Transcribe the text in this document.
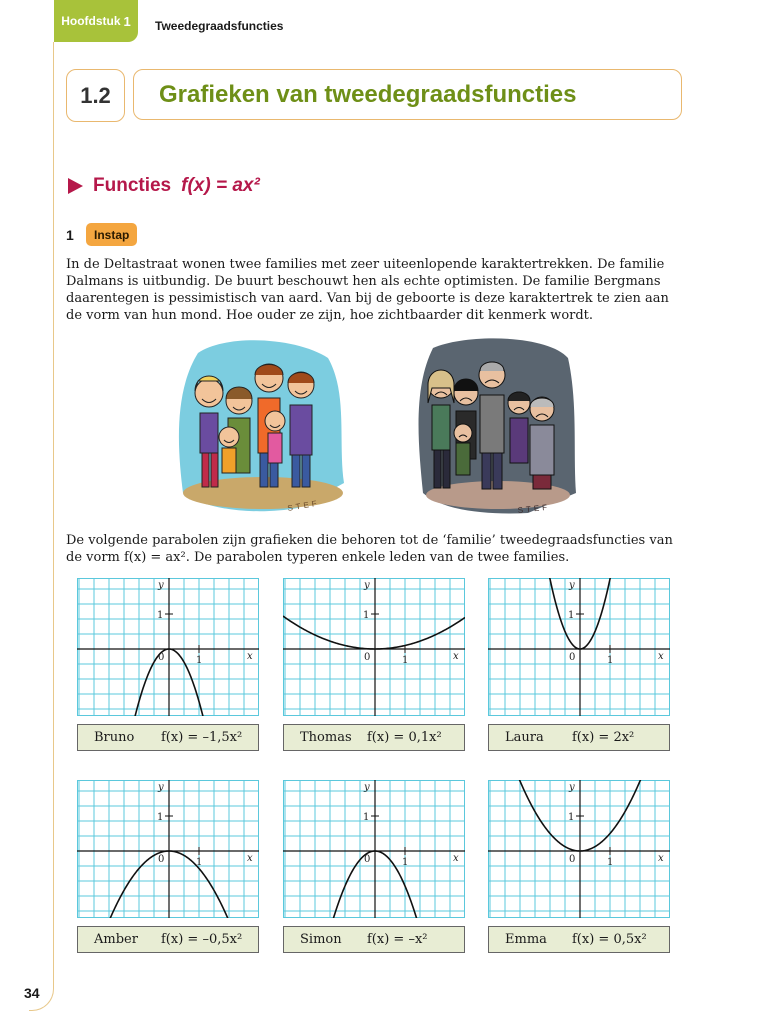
Hoofdstuk 1 Tweedegraadsfuncties
1.2 Grafieken van tweedegraadsfuncties
Functies f(x) = ax²
1	Instap
In de Deltastraat wonen twee families met zeer uiteenlopende karaktertrekken. De familie Dalmans is uitbundig. De buurt beschouwt hen als echte optimisten. De familie Bergmans daarentegen is pessimistisch van aard. Van bij de geboorte is deze karaktertrek te zien aan de vorm van hun mond. Hoe ouder ze zijn, hoe zichtbaarder dit kenmerk wordt.
STEF	STEF
De volgende parabolen zijn grafieken die behoren tot de ‘familie’ tweedegraadsfuncties van de vorm f(x) = ax². De parabolen typeren enkele leden van de twee families.
y
x
0	1
1
Bruno f(x) = –1,5x²
y
x
0	1
1
Thomas f(x) = 0,1x²
y
x
0	1
1
Laura f(x) = 2x²
y
x
0	1
1
Amber f(x) = –0,5x²
y
x
0	1
1
Simon f(x) = –x²
y
x
0	1
1
Emma f(x) = 0,5x²
34
